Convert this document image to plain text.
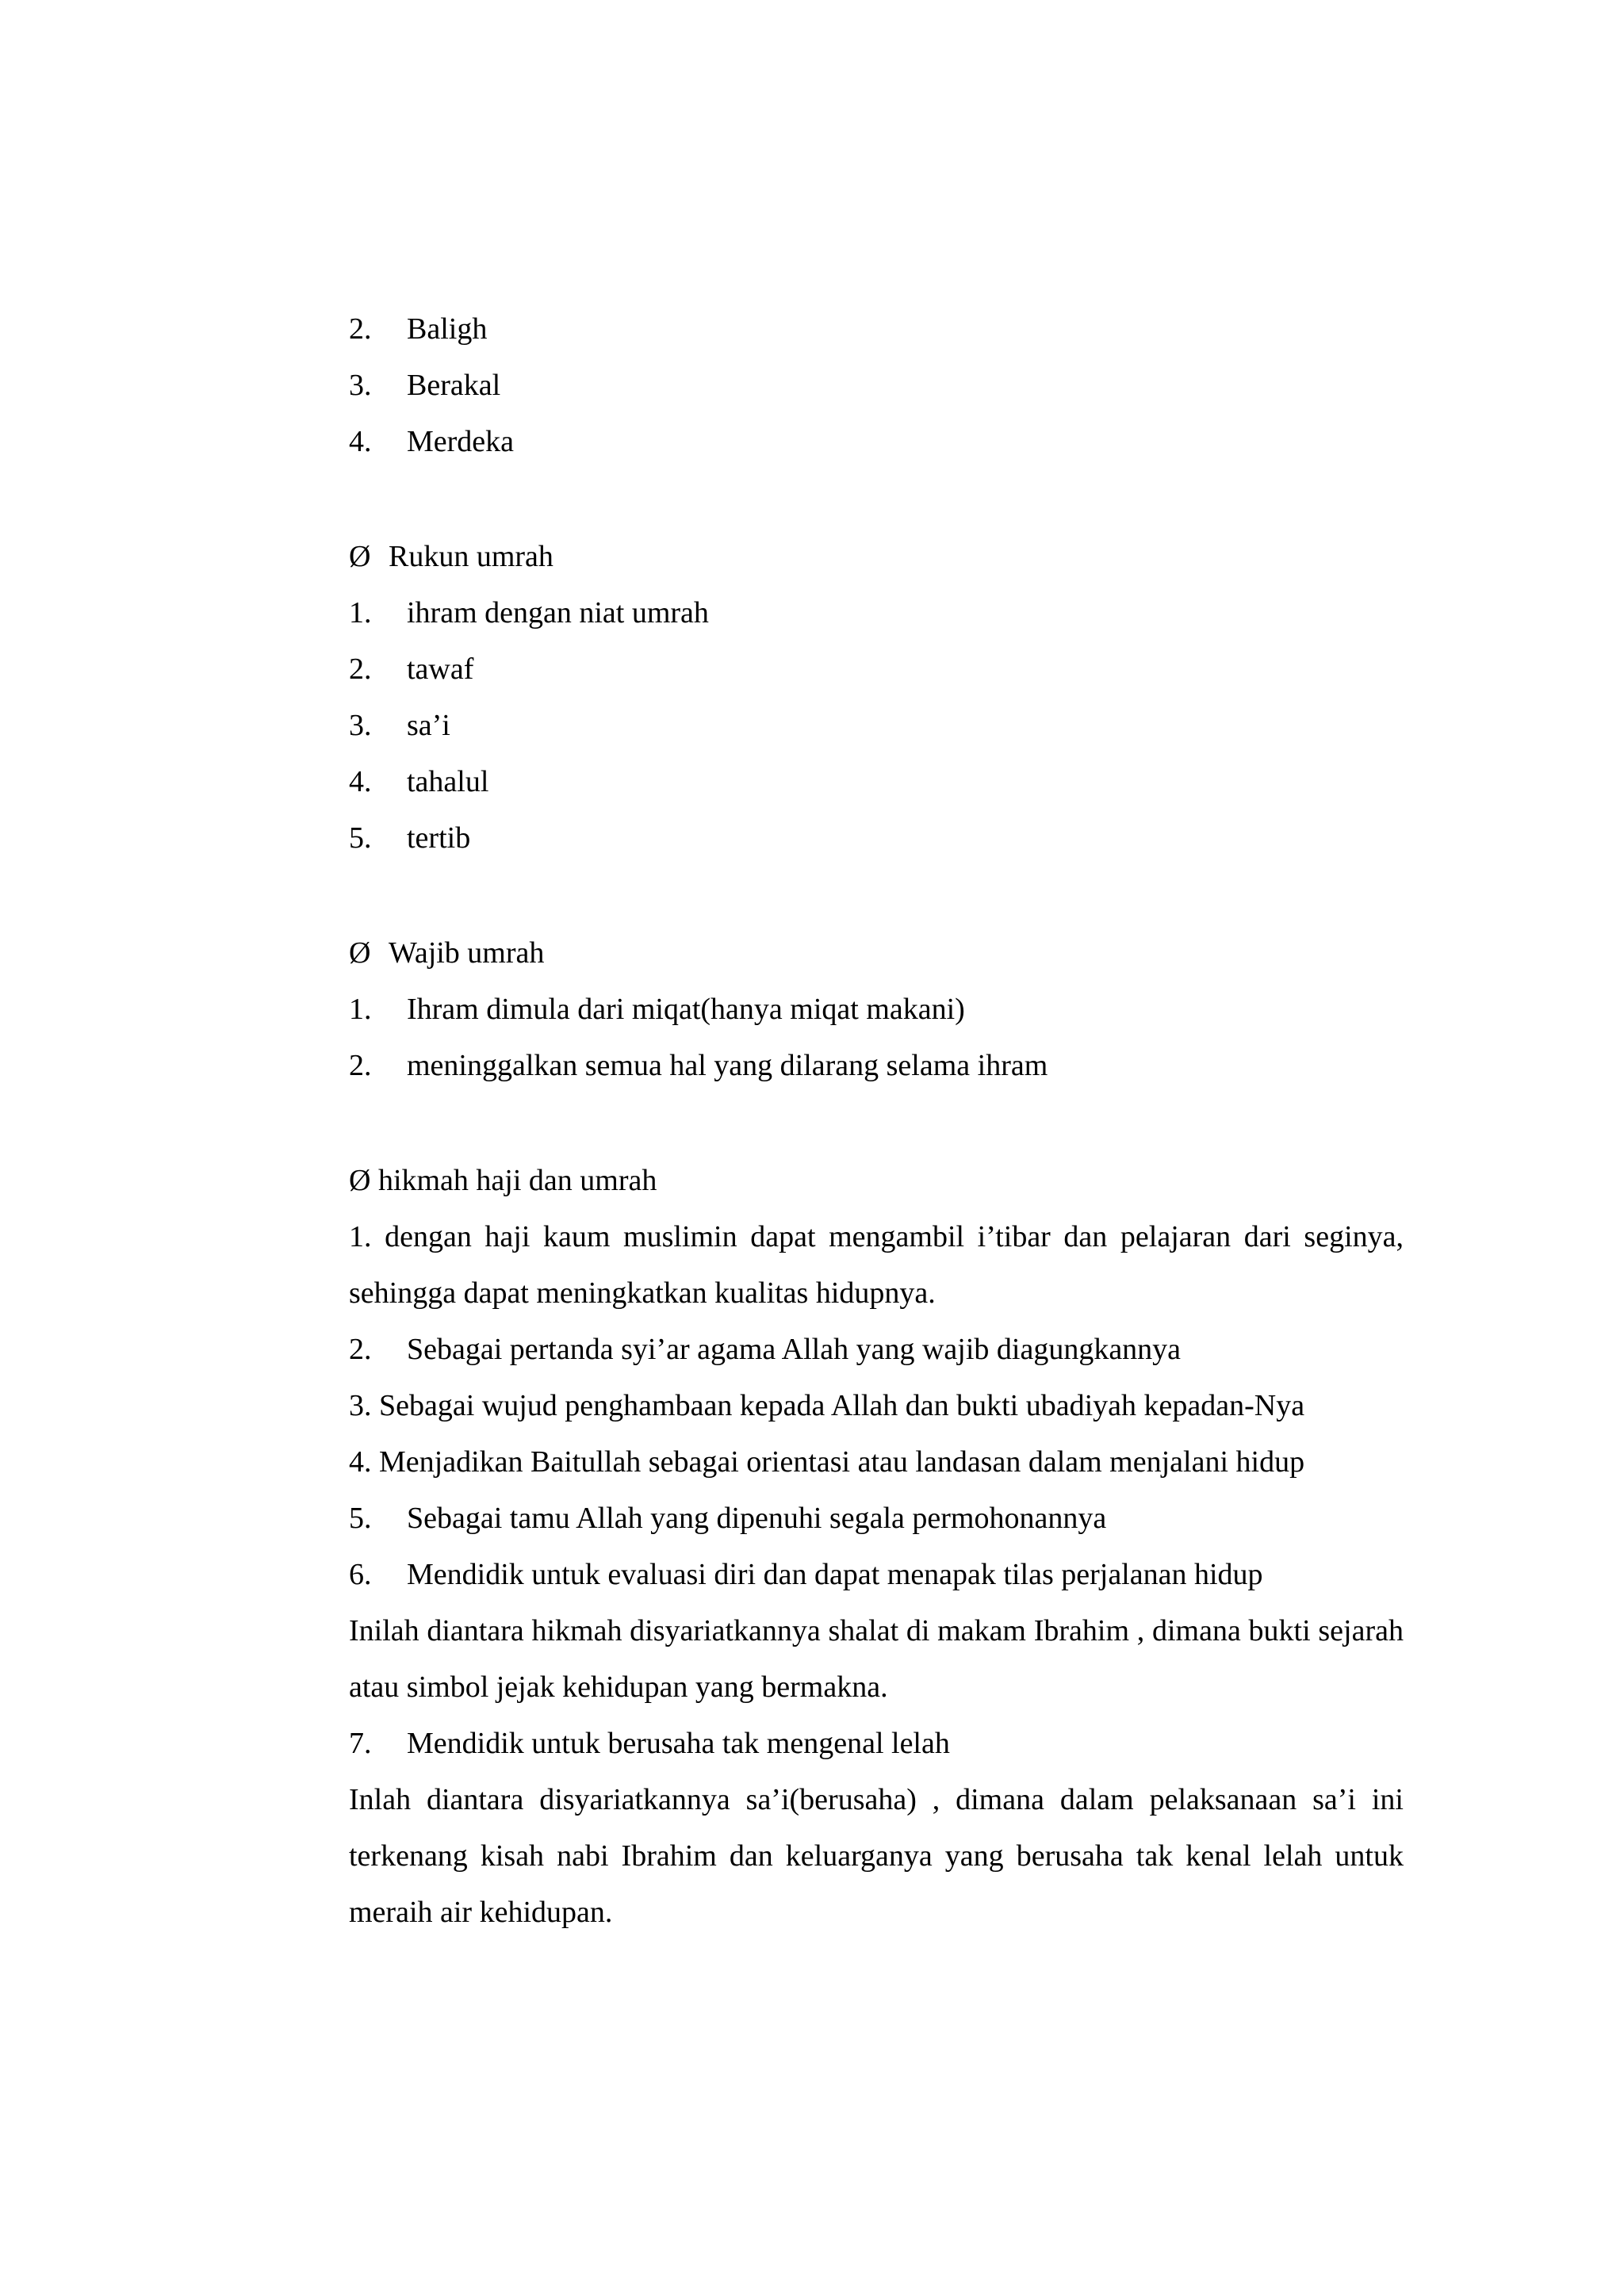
2.	Baligh
3.	Berakal
4.	Merdeka
Ø Rukun umrah
1.	ihram dengan niat umrah
2.	tawaf
3.	sa’i
4.	tahalul
5.	tertib
Ø Wajib umrah
1.	Ihram dimula dari miqat(hanya miqat makani)
2.	meninggalkan semua hal yang dilarang selama ihram
Ø hikmah haji dan umrah
1. dengan haji kaum muslimin dapat mengambil i’tibar dan pelajaran dari seginya, sehingga dapat meningkatkan kualitas hidupnya.
2.	Sebagai pertanda syi’ar agama Allah yang wajib diagungkannya
3. Sebagai wujud penghambaan kepada Allah dan bukti ubadiyah kepadan-Nya
4. Menjadikan Baitullah sebagai orientasi atau landasan dalam menjalani hidup
5.	Sebagai tamu Allah yang dipenuhi segala permohonannya
6.	Mendidik untuk evaluasi diri dan dapat menapak tilas perjalanan hidup
Inilah diantara hikmah disyariatkannya shalat di makam Ibrahim , dimana bukti sejarah atau simbol jejak kehidupan yang bermakna.
7.	Mendidik untuk berusaha tak mengenal lelah
Inlah diantara disyariatkannya sa’i(berusaha) , dimana dalam pelaksanaan sa’i ini terkenang kisah nabi Ibrahim dan keluarganya yang berusaha tak kenal lelah untuk meraih air kehidupan.
